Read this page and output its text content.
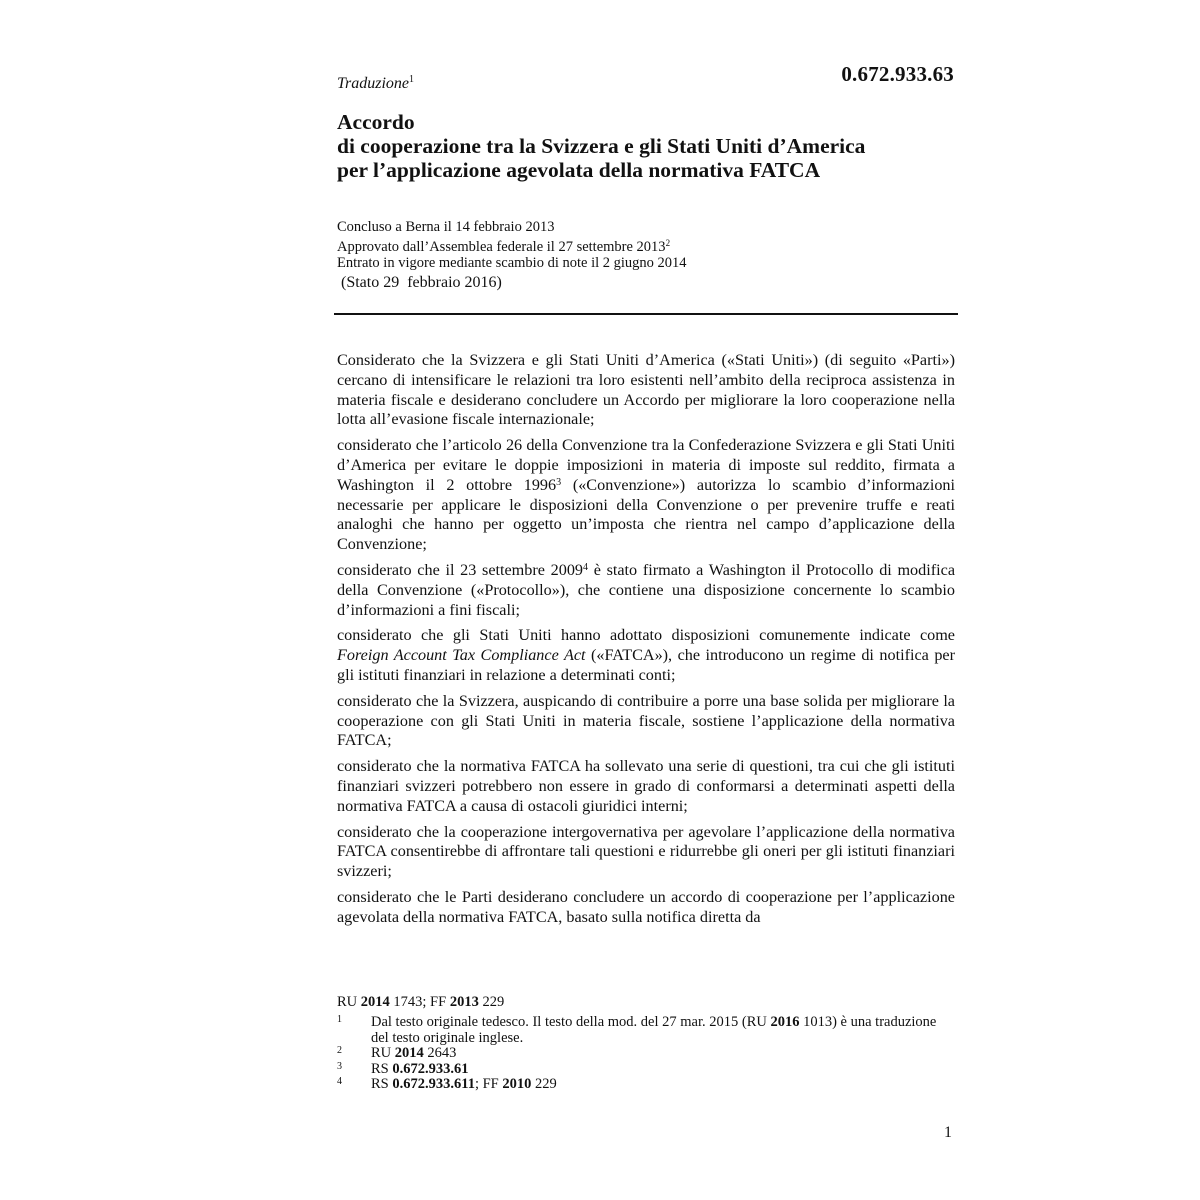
Traduzione$^1$	0.672.933.63
Accordo
di cooperazione tra la Svizzera e gli Stati Uniti d’America
per l’applicazione agevolata della normativa FATCA
Concluso a Berna il 14 febbraio 2013
Approvato dall’Assemblea federale il 27 settembre 2013$^2$
Entrato in vigore mediante scambio di note il 2 giugno 2014
(Stato 29  febbraio 2016)

Considerato che la Svizzera e gli Stati Uniti d’America («Stati Uniti») (di seguito «Parti») cercano di intensificare le relazioni tra loro esistenti nell’ambito della reciproca assistenza in materia fiscale e desiderano concludere un Accordo per migliorare la loro cooperazione nella lotta all’evasione fiscale internazionale;

considerato che l’articolo 26 della Convenzione tra la Confederazione Svizzera e gli Stati Uniti d’America per evitare le doppie imposizioni in materia di imposte sul reddito, firmata a Washington il 2 ottobre 1996$^3$ («Convenzione») autorizza lo scambio d’informazioni necessarie per applicare le disposizioni della Convenzione o per prevenire truffe e reati analoghi che hanno per oggetto un’imposta che rientra nel campo d’applicazione della Convenzione;

considerato che il 23 settembre 2009$^4$ è stato firmato a Washington il Protocollo di modifica della Convenzione («Protocollo»), che contiene una disposizione concernente lo scambio d’informazioni a fini fiscali;

considerato che gli Stati Uniti hanno adottato disposizioni comunemente indicate come Foreign Account Tax Compliance Act («FATCA»), che introducono un regime di notifica per gli istituti finanziari in relazione a determinati conti;

considerato che la Svizzera, auspicando di contribuire a porre una base solida per migliorare la cooperazione con gli Stati Uniti in materia fiscale, sostiene l’applicazione della normativa FATCA;

considerato che la normativa FATCA ha sollevato una serie di questioni, tra cui che gli istituti finanziari svizzeri potrebbero non essere in grado di conformarsi a determinati aspetti della normativa FATCA a causa di ostacoli giuridici interni;

considerato che la cooperazione intergovernativa per agevolare l’applicazione della normativa FATCA consentirebbe di affrontare tali questioni e ridurrebbe gli oneri per gli istituti finanziari svizzeri;

considerato che le Parti desiderano concludere un accordo di cooperazione per l’applicazione agevolata della normativa FATCA, basato sulla notifica diretta da

RU 2014 1743; FF 2013 229
1 Dal testo originale tedesco. Il testo della mod. del 27 mar. 2015 (RU 2016 1013) è una traduzione del testo originale inglese.
2 RU 2014 2643
3 RS 0.672.933.61
4 RS 0.672.933.611; FF 2010 229
1
